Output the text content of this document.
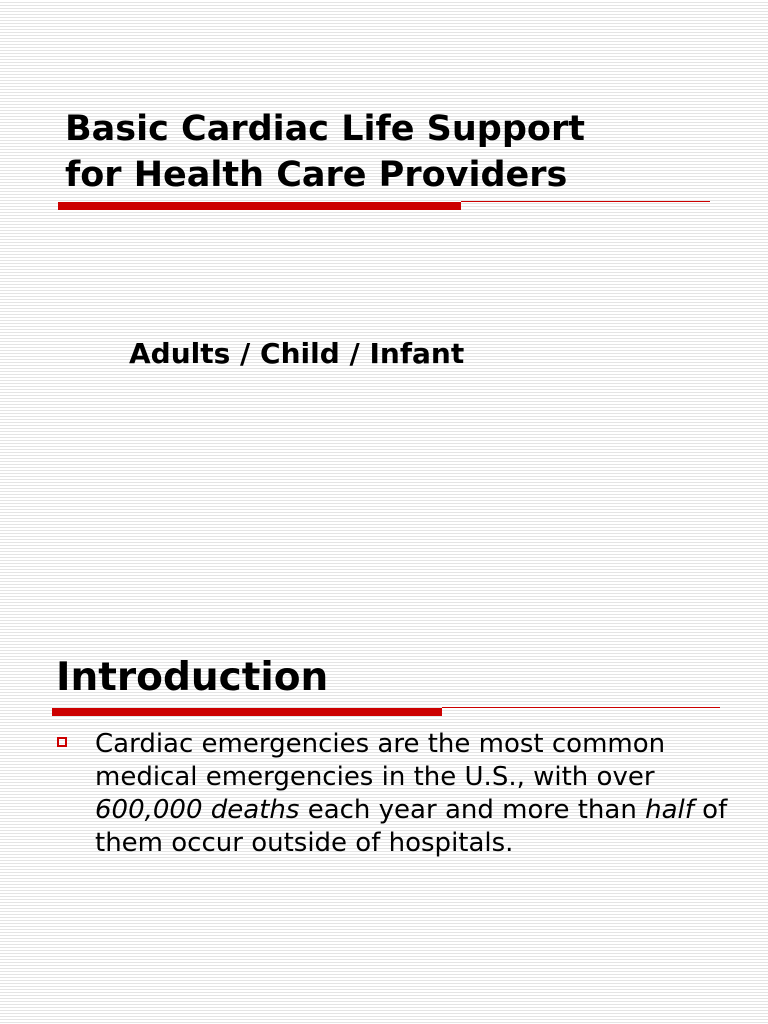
Basic Cardiac Life Support
for Health Care Providers

Adults / Child / Infant

Introduction
Cardiac emergencies are the most common medical emergencies in the U.S., with over 600,000 deaths each year and more than half of them occur outside of hospitals.
